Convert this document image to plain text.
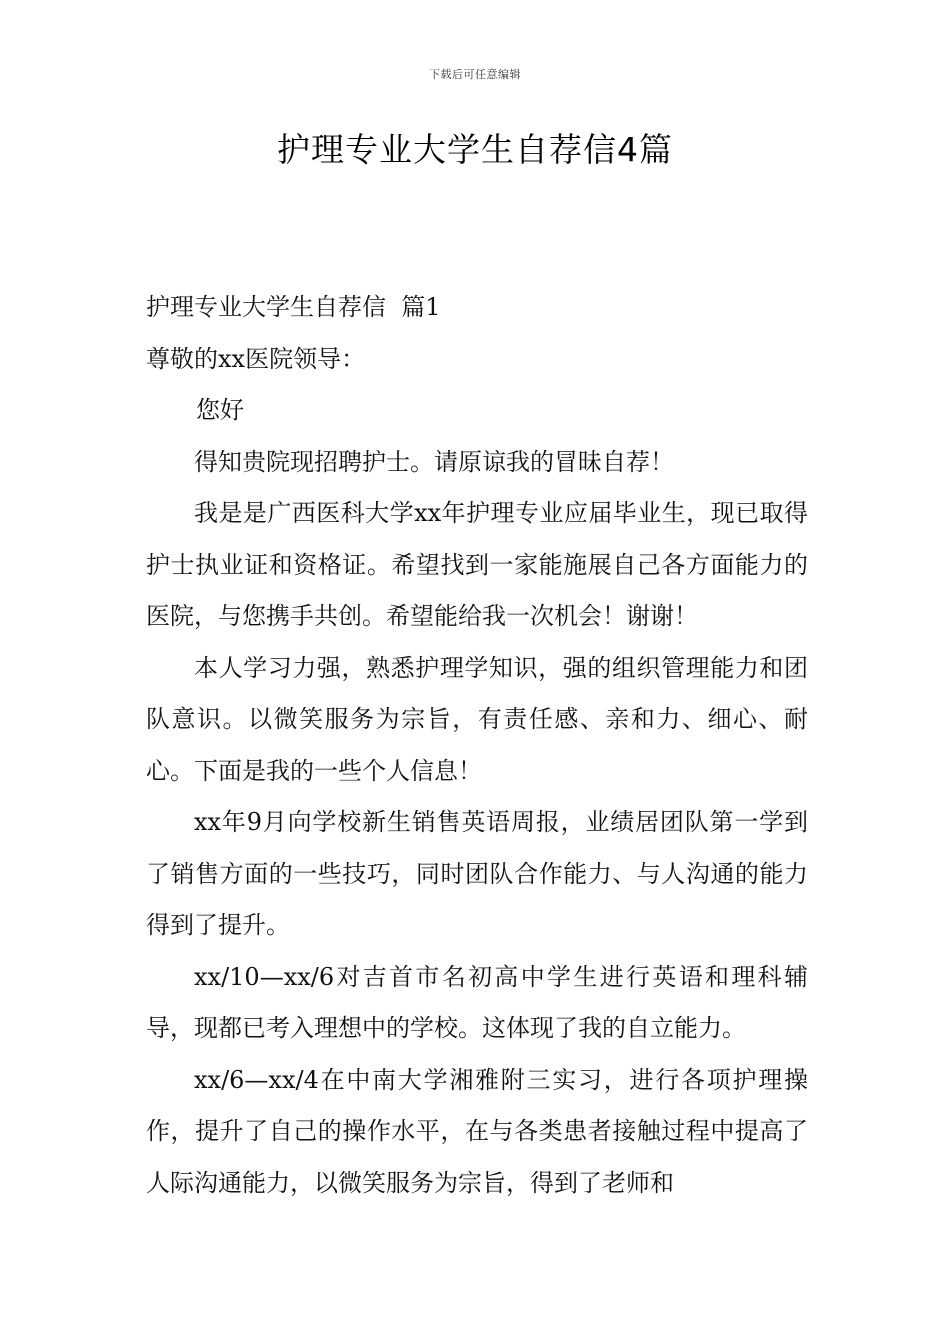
下载后可任意编辑
护理专业大学生自荐信4篇

护理专业大学生自荐信  篇1

尊敬的xx医院领导：

您好

得知贵院现招聘护士。请原谅我的冒昧自荐！

我是是广西医科大学xx年护理专业应届毕业生，现已取得护士执业证和资格证。希望找到一家能施展自己各方面能力的医院，与您携手共创。希望能给我一次机会！谢谢！

本人学习力强，熟悉护理学知识，强的组织管理能力和团队意识。以微笑服务为宗旨，有责任感、亲和力、细心、耐心。下面是我的一些个人信息！

xx年9月向学校新生销售英语周报，业绩居团队第一学到了销售方面的一些技巧，同时团队合作能力、与人沟通的能力得到了提升。

xx/10—xx/6对吉首市名初高中学生进行英语和理科辅导，现都已考入理想中的学校。这体现了我的自立能力。

xx/6—xx/4在中南大学湘雅附三实习，进行各项护理操作，提升了自己的操作水平，在与各类患者接触过程中提高了人际沟通能力，以微笑服务为宗旨，得到了老师和
